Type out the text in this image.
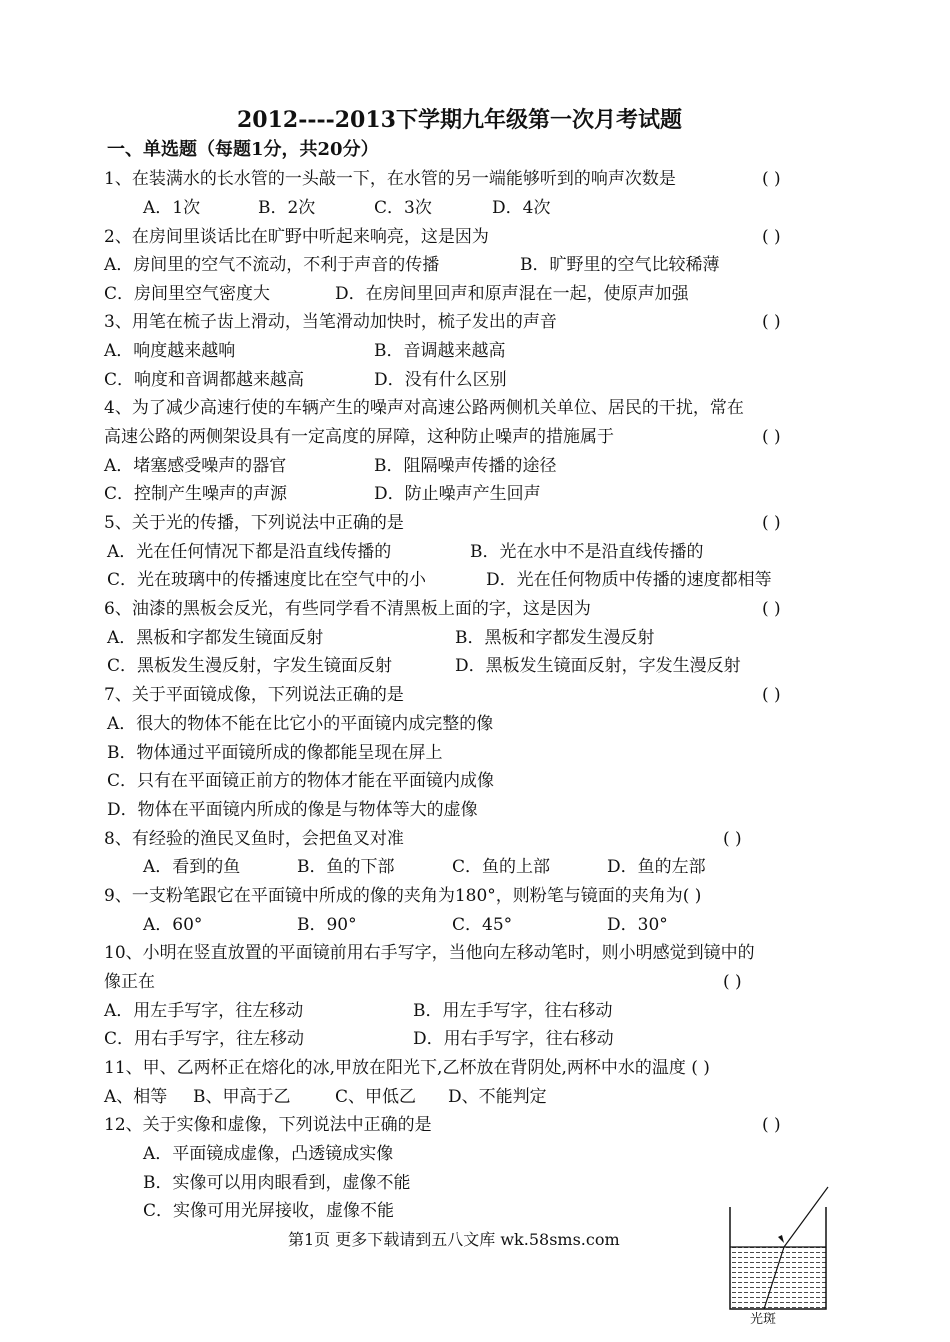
2012----2013下学期九年级第一次月考试题
一、单选题（每题1分，共20分）
1、在装满水的长水管的一头敲一下，在水管的另一端能够听到的响声次数是	( )
A．1次	B．2次	C．3次	D．4次
2、在房间里谈话比在旷野中听起来响亮，这是因为	( )
A．房间里的空气不流动，不利于声音的传播	B．旷野里的空气比较稀薄
C．房间里空气密度大	D．在房间里回声和原声混在一起，使原声加强
3、用笔在梳子齿上滑动，当笔滑动加快时，梳子发出的声音	( )
A．响度越来越响	B．音调越来越高
C．响度和音调都越来越高	D．没有什么区别
4、为了减少高速行使的车辆产生的噪声对高速公路两侧机关单位、居民的干扰，常在
高速公路的两侧架设具有一定高度的屏障，这种防止噪声的措施属于	( )
A．堵塞感受噪声的器官	B．阻隔噪声传播的途径
C．控制产生噪声的声源	D．防止噪声产生回声
5、关于光的传播，下列说法中正确的是	( )
A．光在任何情况下都是沿直线传播的	B．光在水中不是沿直线传播的
C．光在玻璃中的传播速度比在空气中的小	D．光在任何物质中传播的速度都相等
6、油漆的黑板会反光，有些同学看不清黑板上面的字，这是因为	( )
A．黑板和字都发生镜面反射	B．黑板和字都发生漫反射
C．黑板发生漫反射，字发生镜面反射	D．黑板发生镜面反射，字发生漫反射
7、关于平面镜成像，下列说法正确的是	( )
A．很大的物体不能在比它小的平面镜内成完整的像
B．物体通过平面镜所成的像都能呈现在屏上
C．只有在平面镜正前方的物体才能在平面镜内成像
D．物体在平面镜内所成的像是与物体等大的虚像
8、有经验的渔民叉鱼时，会把鱼叉对准	( )
A．看到的鱼	B．鱼的下部	C．鱼的上部	D．鱼的左部
9、一支粉笔跟它在平面镜中所成的像的夹角为180°，则粉笔与镜面的夹角为( )
A．60°	B．90°	C．45°	D．30°
10、小明在竖直放置的平面镜前用右手写字，当他向左移动笔时，则小明感觉到镜中的
像正在	( )
A．用左手写字，往左移动	B．用左手写字，往右移动
C．用右手写字，往左移动	D．用右手写字，往右移动
11、甲、乙两杯正在熔化的冰,甲放在阳光下,乙杯放在背阴处,两杯中水的温度 ( )
A、相等 B、甲高于乙	C、甲低乙 D、不能判定
12、关于实像和虚像，下列说法中正确的是	( )
A．平面镜成虚像，凸透镜成实像
B．实像可以用肉眼看到，虚像不能
C．实像可用光屏接收，虚像不能
第1页 更多下载请到五八文库 wk.58sms.com
光斑
